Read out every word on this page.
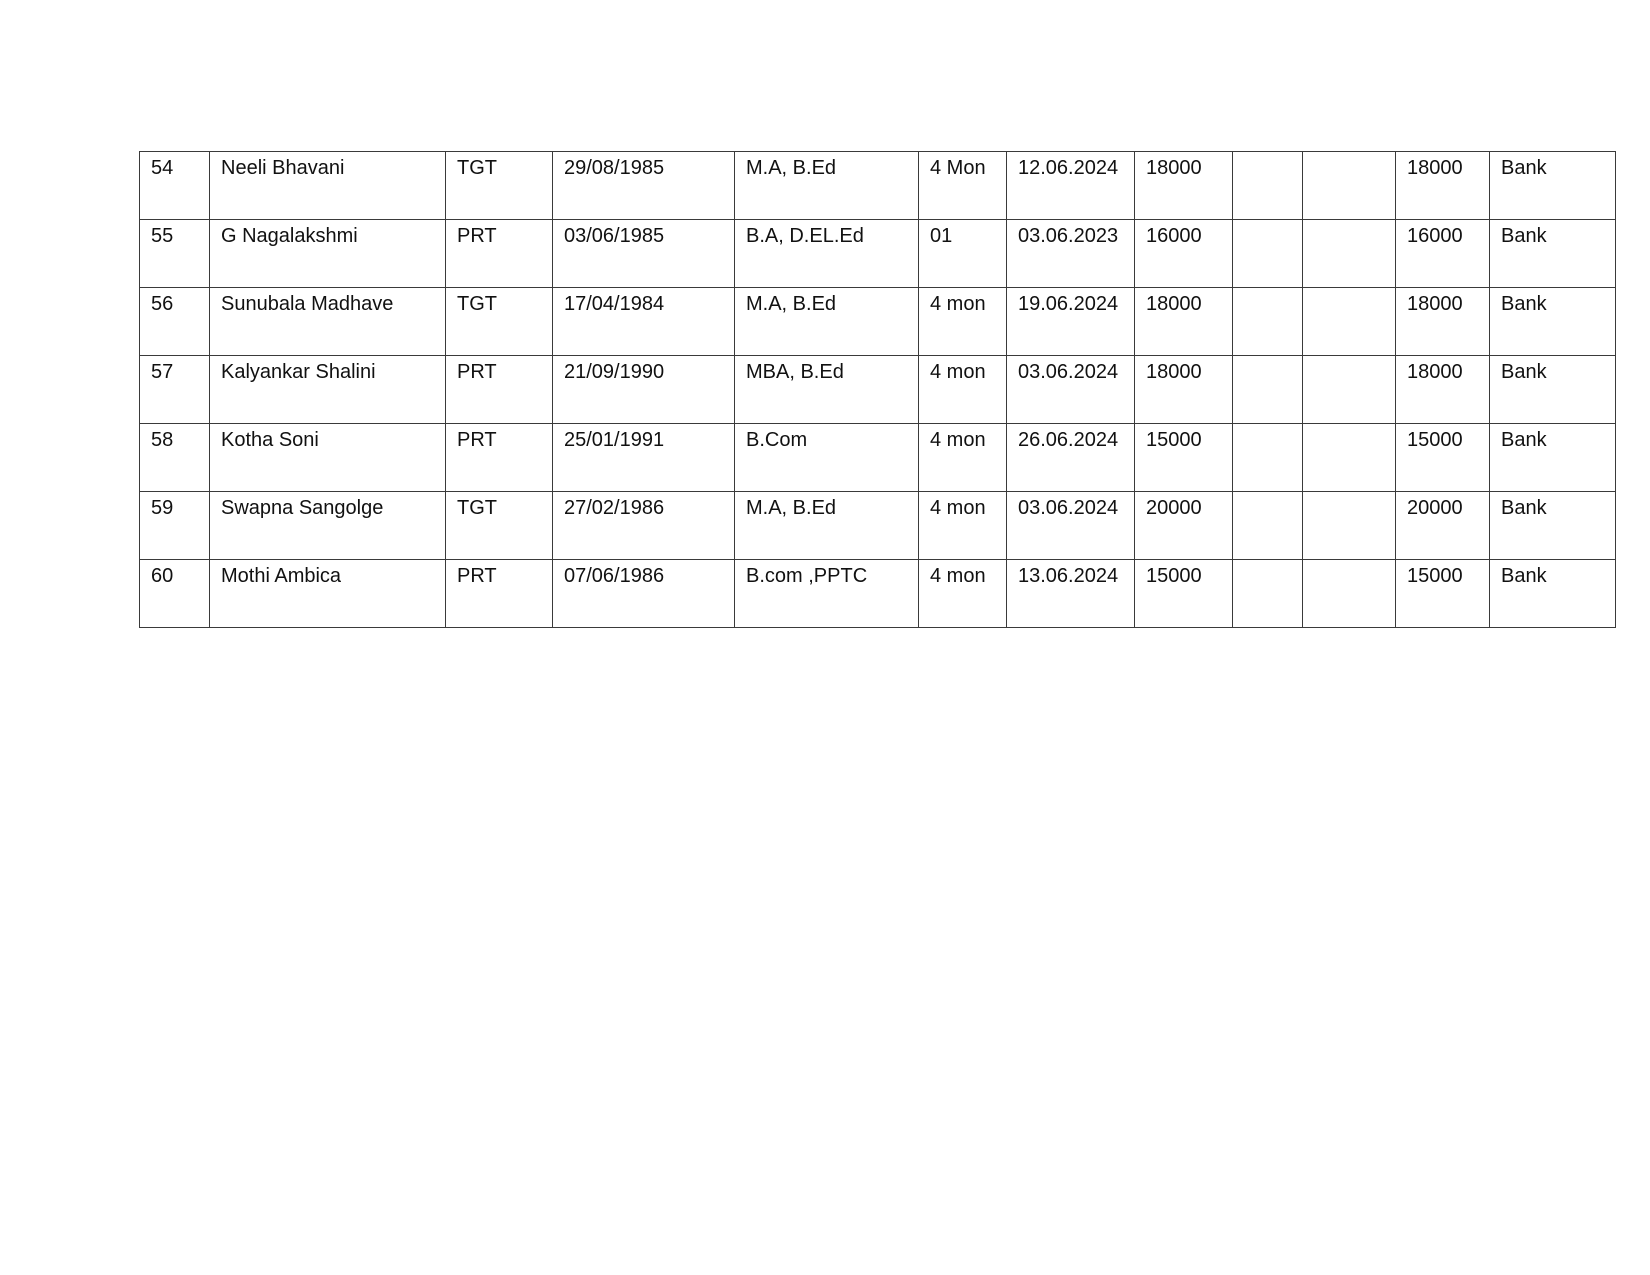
54	Neeli Bhavani	TGT	29/08/1985	M.A, B.Ed	4 Mon	12.06.2024	18000			18000	Bank
55	G Nagalakshmi	PRT	03/06/1985	B.A, D.EL.Ed	01	03.06.2023	16000			16000	Bank
56	Sunubala Madhave	TGT	17/04/1984	M.A, B.Ed	4 mon	19.06.2024	18000			18000	Bank
57	Kalyankar Shalini	PRT	21/09/1990	MBA, B.Ed	4 mon	03.06.2024	18000			18000	Bank
58	Kotha Soni	PRT	25/01/1991	B.Com	4 mon	26.06.2024	15000			15000	Bank
59	Swapna Sangolge	TGT	27/02/1986	M.A, B.Ed	4 mon	03.06.2024	20000			20000	Bank
60	Mothi Ambica	PRT	07/06/1986	B.com ,PPTC	4 mon	13.06.2024	15000			15000	Bank
